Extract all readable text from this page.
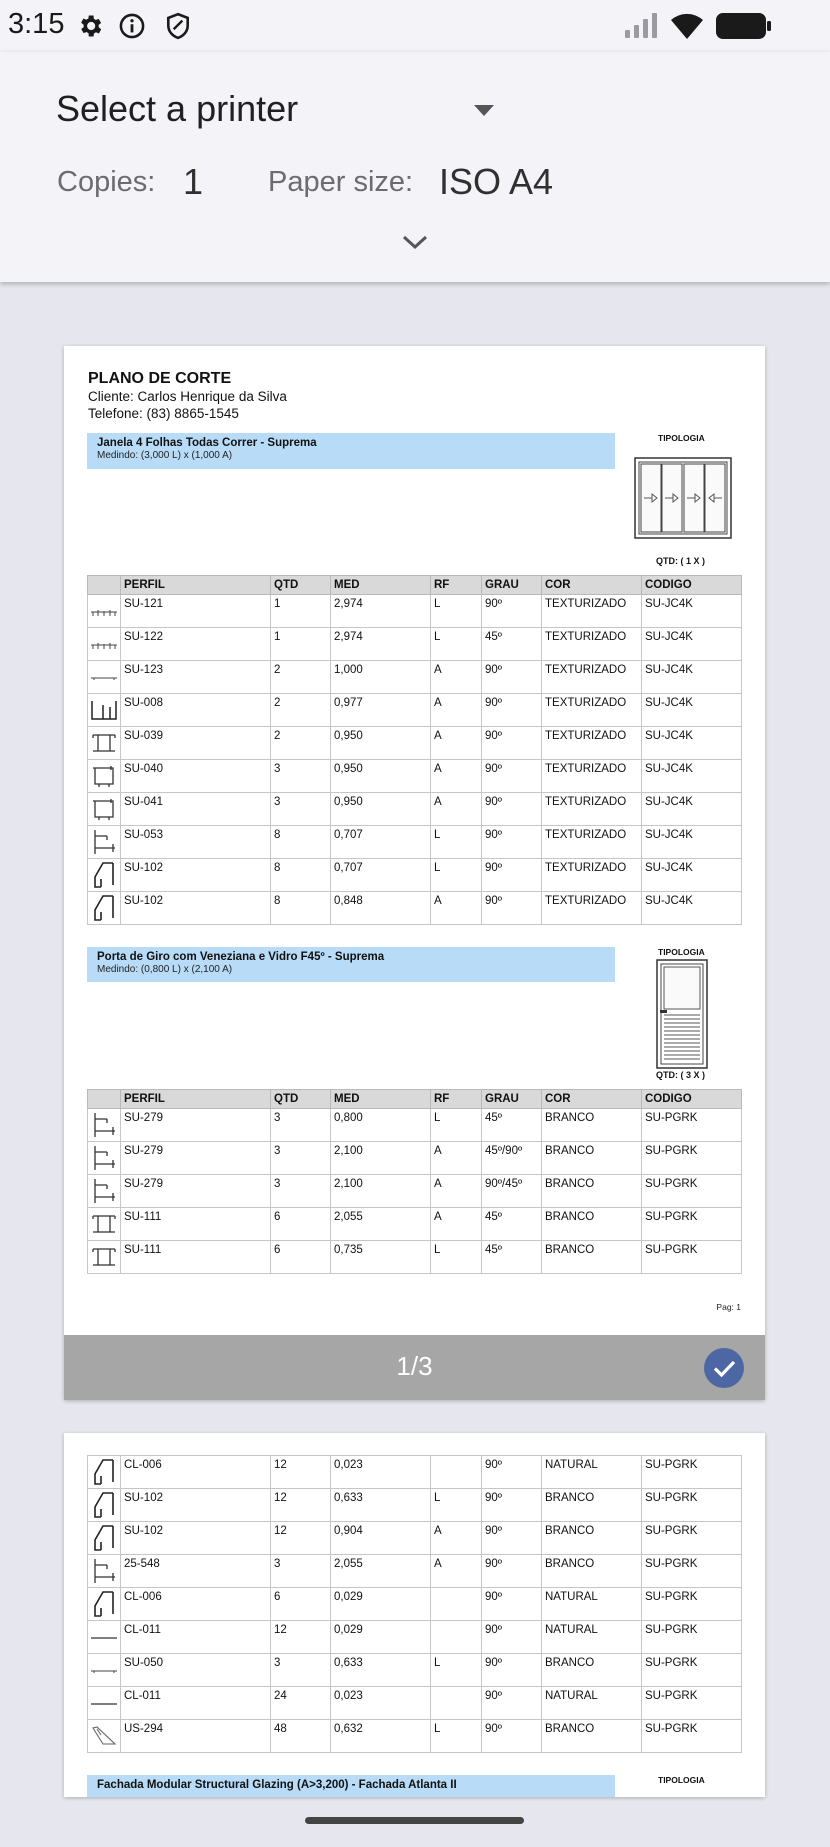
3:15
Select a printer
Copies: 1 Paper size: ISO A4
PLANO DE CORTE
Cliente: Carlos Henrique da Silva
Telefone: (83) 8865-1545
Janela 4 Folhas Todas Correr - Suprema
Medindo: (3,000 L) x (1,000 A)
TIPOLOGIA
QTD: ( 1 X )
	PERFIL	QTD	MED	RF	GRAU	COR	CODIGO

	SU-121	1	2,974	L	90º	TEXTURIZADO	SU-JC4K

	SU-122	1	2,974	L	45º	TEXTURIZADO	SU-JC4K

	SU-123	2	1,000	A	90º	TEXTURIZADO	SU-JC4K

	SU-008	2	0,977	A	90º	TEXTURIZADO	SU-JC4K

	SU-039	2	0,950	A	90º	TEXTURIZADO	SU-JC4K

	SU-040	3	0,950	A	90º	TEXTURIZADO	SU-JC4K

	SU-041	3	0,950	A	90º	TEXTURIZADO	SU-JC4K

	SU-053	8	0,707	L	90º	TEXTURIZADO	SU-JC4K

	SU-102	8	0,707	L	90º	TEXTURIZADO	SU-JC4K

	SU-102	8	0,848	A	90º	TEXTURIZADO	SU-JC4K
Porta de Giro com Veneziana e Vidro F45º - Suprema
Medindo: (0,800 L) x (2,100 A)
TIPOLOGIA
QTD: ( 3 X )
	PERFIL	QTD	MED	RF	GRAU	COR	CODIGO

	SU-279	3	0,800	L	45º	BRANCO	SU-PGRK

	SU-279	3	2,100	A	45º/90º	BRANCO	SU-PGRK

	SU-279	3	2,100	A	90º/45º	BRANCO	SU-PGRK

	SU-111	6	2,055	A	45º	BRANCO	SU-PGRK

	SU-111	6	0,735	L	45º	BRANCO	SU-PGRK
Pag: 1
1/3
	CL-006	12	0,023		90º	NATURAL	SU-PGRK

	SU-102	12	0,633	L	90º	BRANCO	SU-PGRK

	SU-102	12	0,904	A	90º	BRANCO	SU-PGRK

	25-548	3	2,055	A	90º	BRANCO	SU-PGRK

	CL-006	6	0,029		90º	NATURAL	SU-PGRK

	CL-011	12	0,029		90º	NATURAL	SU-PGRK

	SU-050	3	0,633	L	90º	BRANCO	SU-PGRK

	CL-011	24	0,023		90º	NATURAL	SU-PGRK

	US-294	48	0,632	L	90º	BRANCO	SU-PGRK
Fachada Modular Structural Glazing (A>3,200) - Fachada Atlanta II	TIPOLOGIA
